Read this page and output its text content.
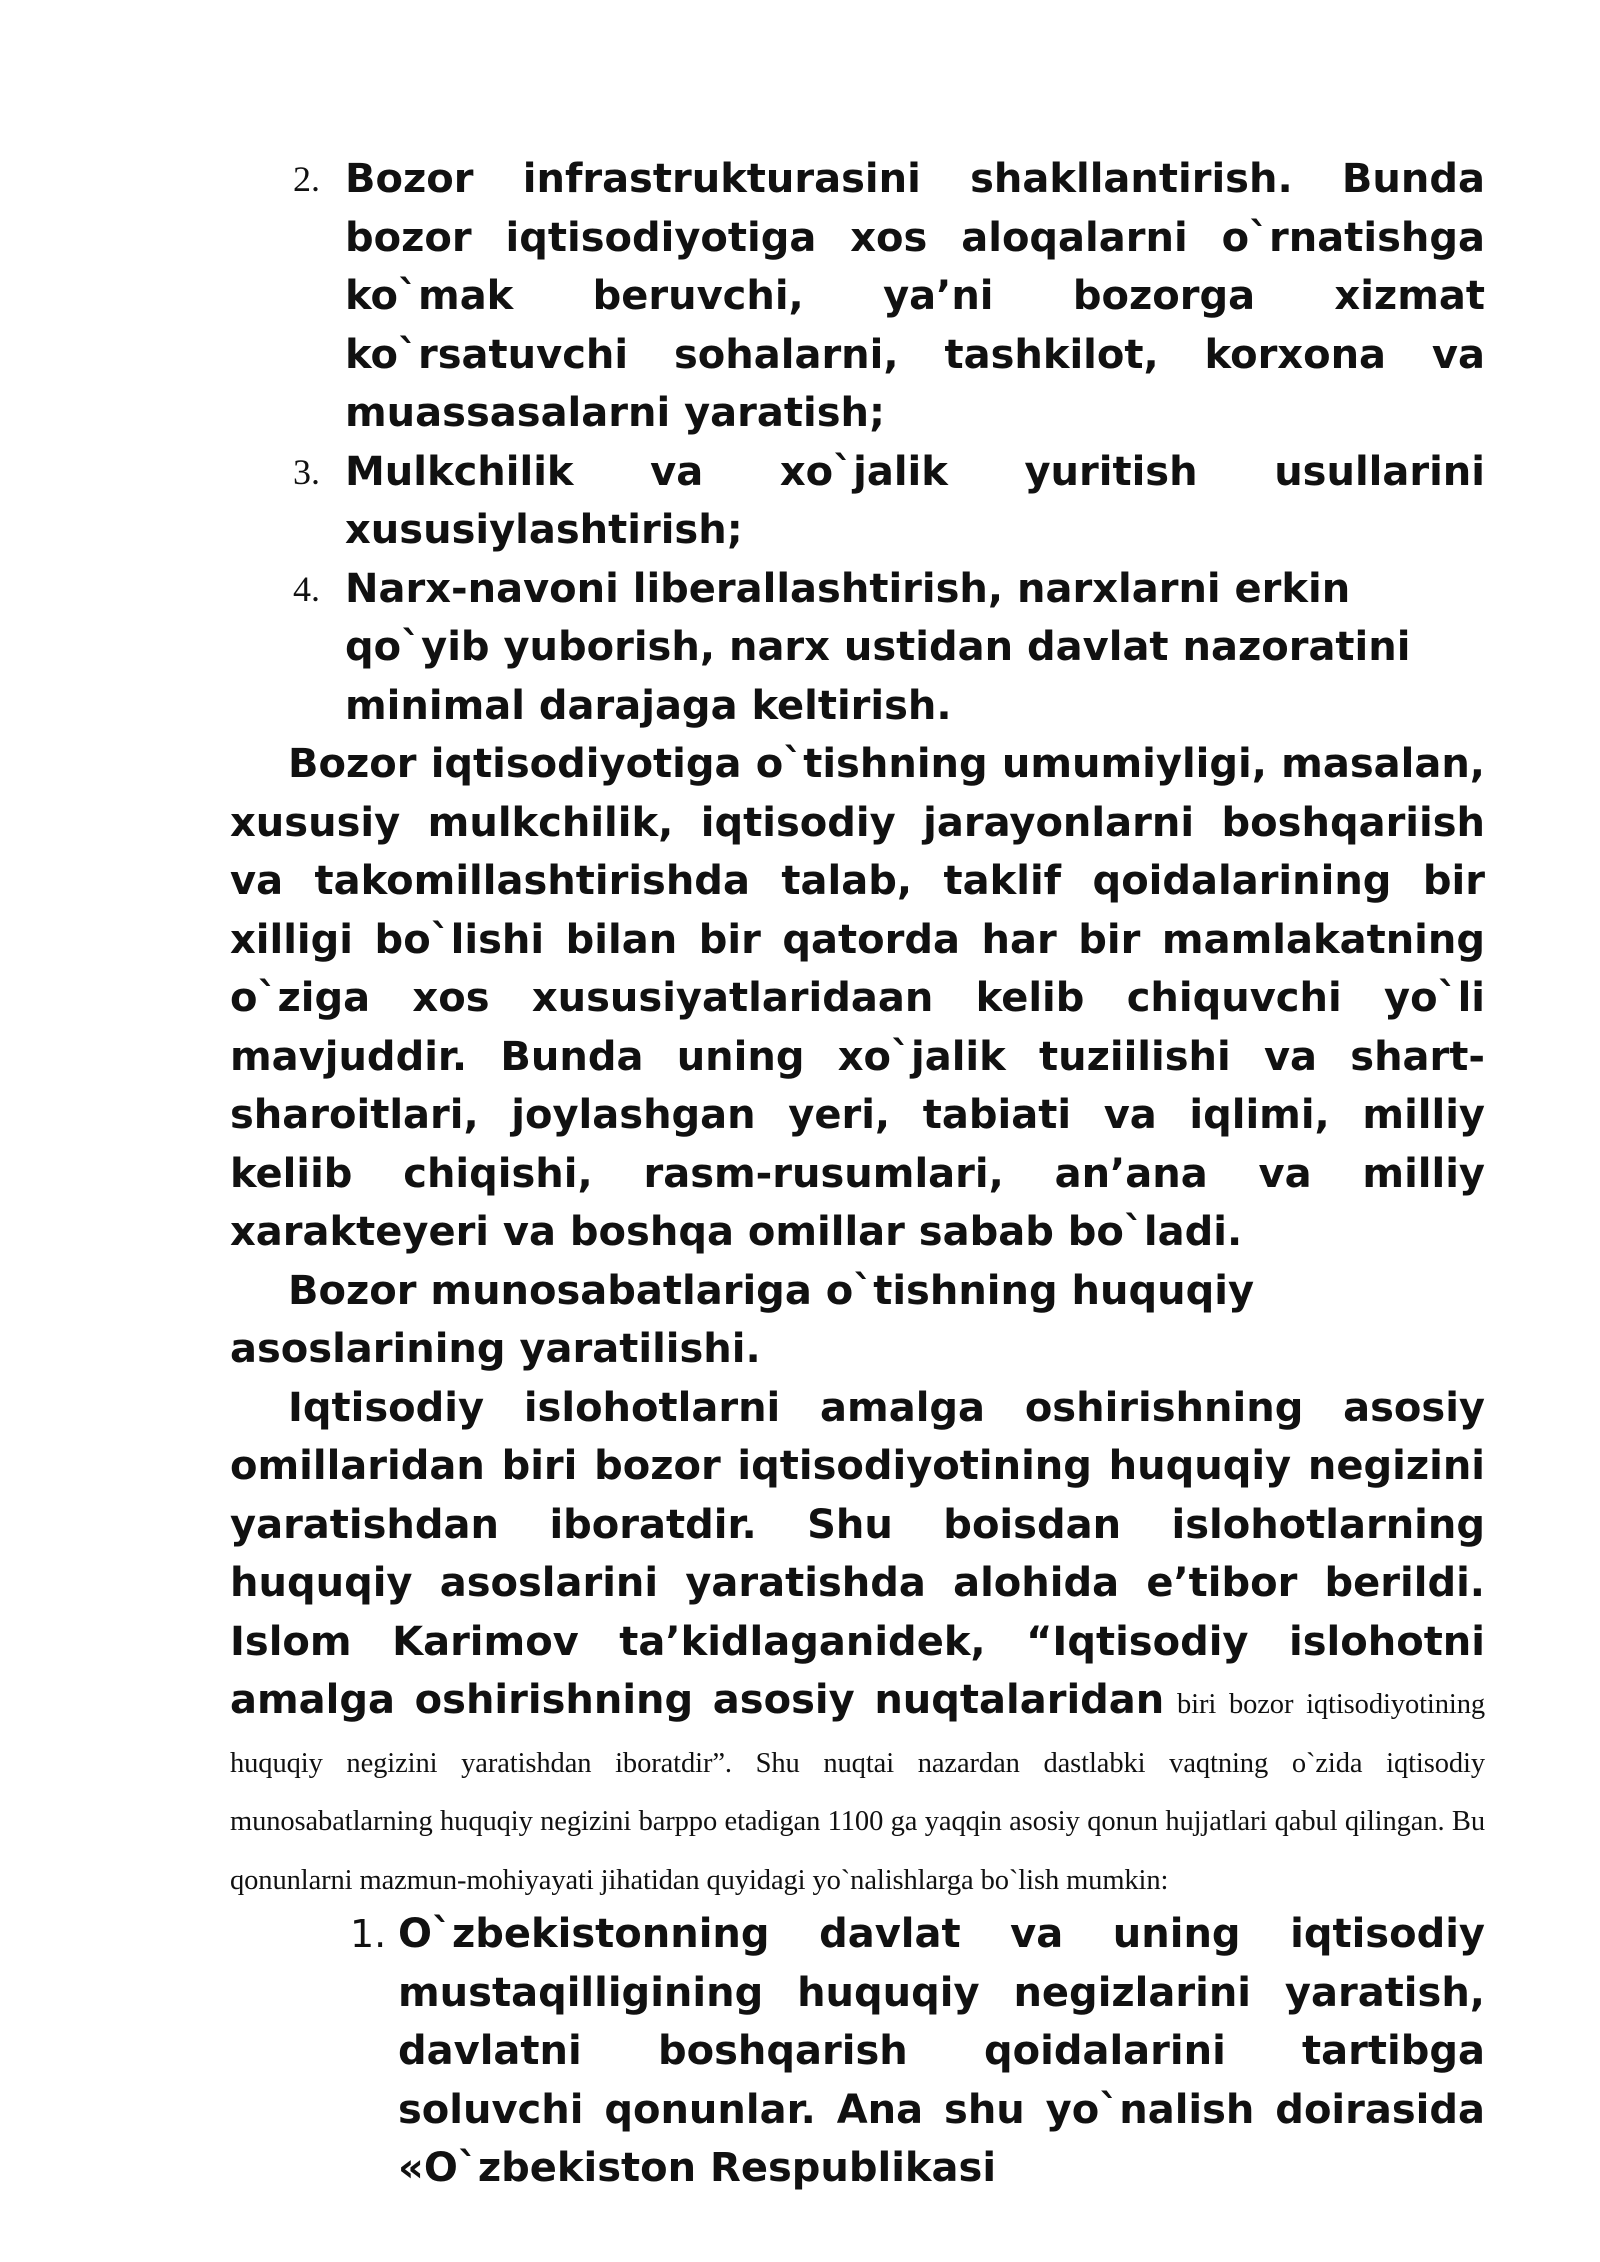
2. Bozor infrastrukturasini shakllantirish. Bunda bozor iqtisodiyotiga xos aloqalarni o`rnatishga ko`mak beruvchi, ya’ni bozorga xizmat ko`rsatuvchi sohalarni, tashkilot, korxona va muassasalarni yaratish;

3. Mulkchilik va xo`jalik yuritish usullarini xususiylashtirish;

4. Narx-navoni liberallashtirish, narxlarni erkin qo`yib yuborish, narx ustidan davlat nazoratini minimal darajaga keltirish.

Bozor iqtisodiyotiga o`tishning umumiyligi, masalan, xususiy mulkchilik, iqtisodiy jarayonlarni boshqariish va takomillashtirishda talab, taklif qoidalarining bir xilligi bo`lishi bilan bir qatorda har bir mamlakatning o`ziga xos xususiyatlaridaan kelib chiquvchi yo`li mavjuddir. Bunda uning xo`jalik tuziilishi va shart-sharoitlari, joylashgan yeri, tabiati va iqlimi, milliy keliib chiqishi, rasm-rusumlari, an’ana va milliy xarakteyeri va boshqa omillar sabab bo`ladi.

Bozor munosabatlariga o`tishning huquqiy asoslarining yaratilishi.

Iqtisodiy islohotlarni amalga oshirishning asosiy omillaridan biri bozor iqtisodiyotining huquqiy negizini yaratishdan iboratdir. Shu boisdan islohotlarning huquqiy asoslarini yaratishda alohida e’tibor berildi. Islom Karimov ta’kidlaganidek, “Iqtisodiy islohotni amalga oshirishning asosiy nuqtalaridan biri bozor iqtisodiyotining huquqiy negizini yaratishdan iboratdir”. Shu nuqtai nazardan dastlabki vaqtning o`zida iqtisodiy munosabatlarning huquqiy negizini barppo etadigan 1100 ga yaqqin asosiy qonun hujjatlari qabul qilingan. Bu qonunlarni mazmun-mohiyayati jihatidan quyidagi yo`nalishlarga bo`lish mumkin:

1. O`zbekistonning davlat va uning iqtisodiy mustaqilligining huquqiy negizlarini yaratish, davlatni boshqarish qoidalarini tartibga soluvchi qonunlar. Ana shu yo`nalish doirasida «O`zbekiston Respublikasi
